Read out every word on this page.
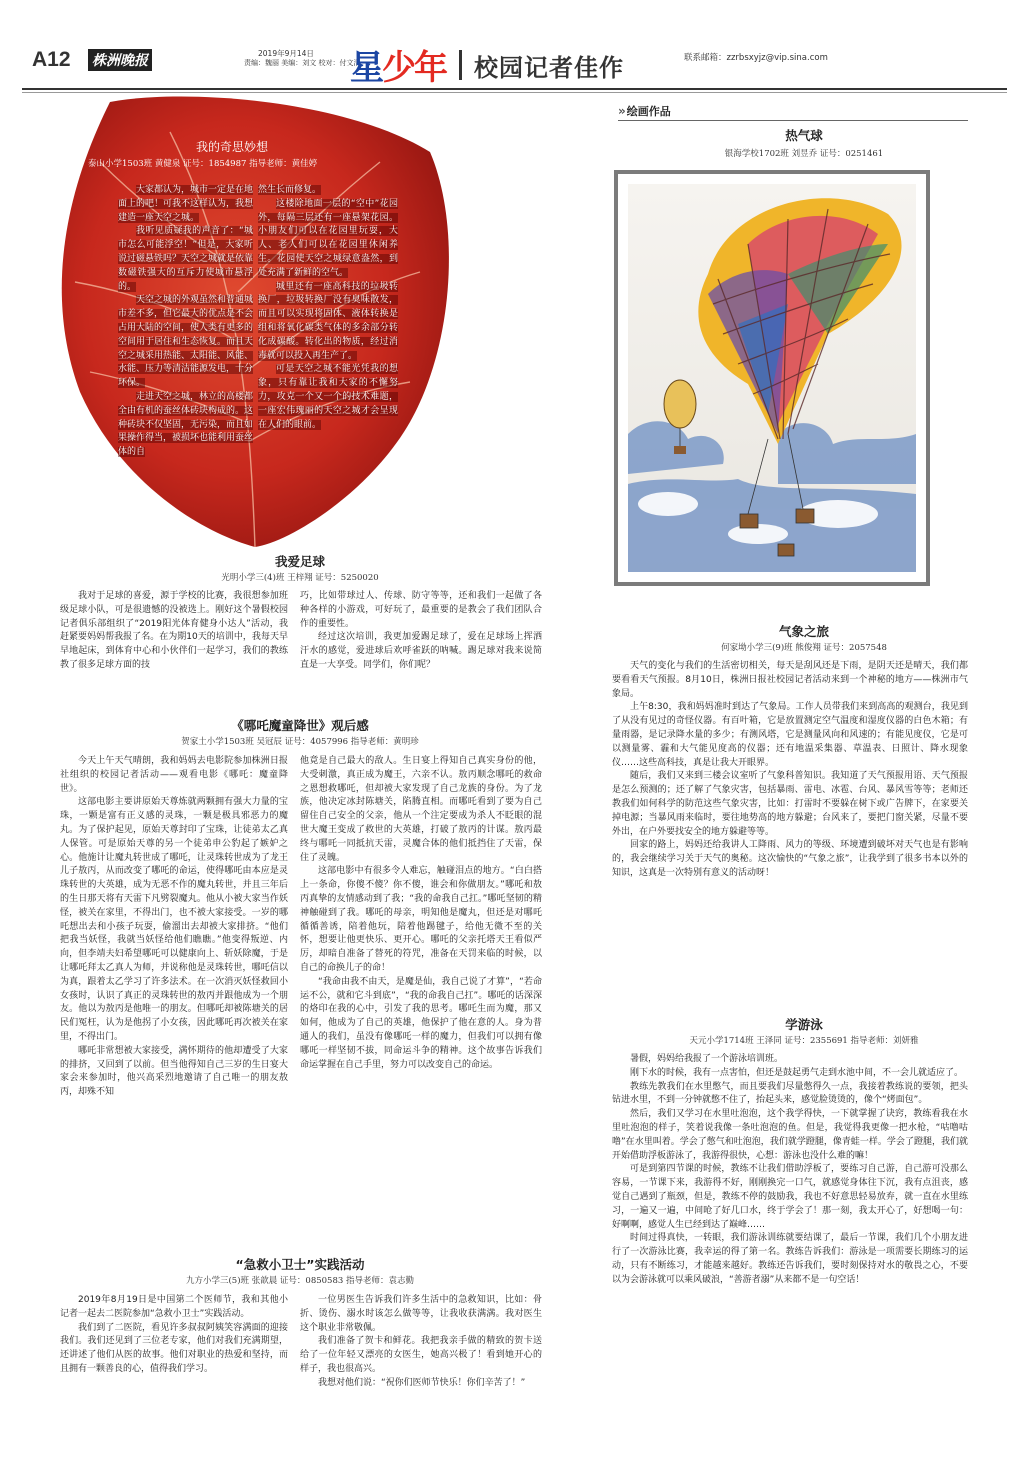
A12 株洲晚报	2019年9月14日
责编：魏丽 美编：刘文 校对：付文清
星少年 校园记者佳作	联系邮箱：zzrbsxyjz@vip.sina.com
我的奇思妙想
泰山小学1503班 黄健泉 证号：1854987 指导老师：黄佳婷

大家都认为，城市一定是在地面上的吧！可我不这样认为，我想建造一座天空之城。

我听见质疑我的声音了：“城市怎么可能浮空！”但是，大家听说过磁悬铁吗？天空之城就是依靠数磁铁强大的互斥力使城市悬浮的。

天空之城的外观虽然和普通城市差不多，但它最大的优点是不会占用大陆的空间，使人类有更多的空间用于居住和生态恢复。而且天空之城采用热能、太阳能、风能、水能、压力等清洁能源发电，十分环保。

走进天空之城，林立的高楼都全由有机的蚕丝体砖块构成的。这种砖块不仅坚固，无污染，而且如果操作得当，被损坏也能利用蚕丝体的自

然生长而修复。

这楼除地面一层的“空中”花园外，每隔三层还有一座悬架花园。小朋友们可以在花园里玩耍，大人、老人们可以在花园里休闲养生。花园使天空之城绿意盎然，到处充满了新鲜的空气。

城里还有一座高科技的垃圾转换厂，垃圾转换厂没有臭味散发，而且可以实现将固体、液体转换是组和将氧化碳类气体的多余部分转化成碳酸。转化出的物质，经过消毒就可以投入再生产了。

可是天空之城不能光凭我的想象，只有靠让我和大家的不懈努力，攻克一个又一个的技术难题，一座宏伟瑰丽的天空之城才会呈现在人们的眼前。

我爱足球
光明小学三(4)班 王梓翔 证号：5250020

我对于足球的喜爱，源于学校的比赛，我很想参加班级足球小队，可是很遗憾的没被选上。刚好这个暑假校园记者俱乐部组织了“2019阳光体育健身小达人”活动，我赶紧要妈妈帮我报了名。在为期10天的培训中，我每天早早地起床，到体育中心和小伙伴们一起学习，我们的教练教了很多足球方面的技

巧，比如带球过人、传球、防守等等，还和我们一起做了各种各样的小游戏，可好玩了，最重要的是教会了我们团队合作的重要性。

经过这次培训，我更加爱踢足球了，爱在足球场上挥洒汗水的感觉，爱进球后欢呼雀跃的呐喊。踢足球对我来说简直是一大享受。同学们，你们呢？

《哪吒魔童降世》观后感
贺家土小学1503班 吴冠辰 证号：4057996 指导老师：黄明珍

今天上午天气晴朗，我和妈妈去电影院参加株洲日报社组织的校园记者活动——观看电影《哪吒：魔童降世》。

这部电影主要讲原始天尊炼就两颗拥有强大力量的宝珠，一颗是富有正义感的灵珠，一颗是极具邪恶力的魔丸。为了保护起见，原始天尊封印了宝珠，让徒弟太乙真人保管。可是原始天尊的另一个徒弟申公豹起了嫉妒之心。他施计让魔丸转世成了哪吒，让灵珠转世成为了龙王儿子敖丙，从而改变了哪吒的命运，使得哪吒由本应是灵珠转世的大英雄，成为无恶不作的魔丸转世，并且三年后的生日那天将有天雷下凡劈裂魔丸。他从小被大家当作妖怪，被关在家里，不得出门，也不被大家接受。一岁的哪吒想出去和小孩子玩耍，偷溜出去却被大家排挤。“他们把我当妖怪，我就当妖怪给他们瞧瞧。”他变得叛逆、内向，但李靖夫妇希望哪吒可以健康向上、斩妖除魔，于是让哪吒拜太乙真人为师，并说称他是灵珠转世，哪吒信以为真，跟着太乙学习了许多法术。在一次消灭妖怪救回小女孩时，认识了真正的灵珠转世的敖丙并跟他成为一个朋友。他以为敖丙是他唯一的朋友。但哪吒却被陈塘关的居民们冤枉，认为是他拐了小女孩，因此哪吒再次被关在家里，不得出门。

哪吒非常想被大家接受，满怀期待的他却遭受了大家的排挤，又回到了以前。但当他得知自己三岁的生日宴大家会来参加时，他兴高采烈地邀请了自己唯一的朋友敖丙，却殊不知

他竟是自己最大的敌人。生日宴上得知自己真实身份的他，大受刺激，真正成为魔王，六亲不认。敖丙顺念哪吒的救命之恩想救哪吒，但却被大家发现了自己龙族的身份。为了龙族，他决定冰封陈塘关，陷腾直相。而哪吒看到了要为自己留住自己安全的父亲，他从一个注定要成为杀人不眨眼的混世大魔王变成了救世的大英雄，打破了敖丙的计谋。敖丙最终与哪吒一同抵抗天雷，灵魔合体的他们抵挡住了天雷，保住了灵魄。

这部电影中有很多令人难忘，触碰泪点的地方。“白白搭上一条命，你傻不傻？你不傻，谁会和你做朋友。”哪吒和敖丙真挚的友情感动到了我；“我的命我自己扛。”哪吒坚韧的精神触碰到了我。哪吒的母亲，明知他是魔丸，但还是对哪吒循循善诱，陪着他玩，陪着他踢毽子，给他无微不至的关怀，想要让他更快乐、更开心。哪吒的父亲托塔天王看似严厉，却暗自准备了替死的符咒，准备在天罚来临的时候，以自己的命换儿子的命！

“我命由我不由天，是魔是仙，我自己说了才算”，“若命运不公，就和它斗到底”，“我的命我自己扛”。哪吒的话深深的烙印在我的心中，引发了我的思考。哪吒生而为魔，那又如何，他成为了自己的英雄，他保护了他在意的人。身为普通人的我们，虽没有像哪吒一样的魔力，但我们可以拥有像哪吒一样坚韧不拔，同命运斗争的精神。这个故事告诉我们命运掌握在自己手里，努力可以改变自己的命运。

“急救小卫士”实践活动
九方小学三(5)班 张歆晨 证号：0850583 指导老师：袁志勤

2019年8月19日是中国第二个医师节，我和其他小记者一起去二医院参加“急救小卫士”实践活动。

我们到了二医院，看见许多叔叔阿姨笑容满面的迎接我们。我们还见到了三位老专家，他们对我们充满期望，还讲述了他们从医的故事。他们对职业的热爱和坚持，而且拥有一颗善良的心，值得我们学习。

一位男医生告诉我们许多生活中的急救知识，比如：骨折、烫伤、溺水时该怎么做等等，让我收获满满。我对医生这个职业非常敬佩。

我们准备了贺卡和鲜花。我把我亲手做的精致的贺卡送给了一位年轻又漂亮的女医生，她高兴极了！看到她开心的样子，我也很高兴。

我想对他们说：“祝你们医师节快乐！你们辛苦了！”

» 绘画作品
热气球
银海学校1702班 刘昱乔 证号：0251461
气象之旅
何家坳小学三(9)班 熊俊翔 证号：2057548

天气的变化与我们的生活密切相关，每天是刮风还是下雨，是阴天还是晴天，我们都要看看天气预报。8月10日，株洲日报社校园记者活动来到一个神秘的地方——株洲市气象局。

上午8:30，我和妈妈准时到达了气象局。工作人员带我们来到高高的观测台，我见到了从没有见过的奇怪仪器。有百叶箱，它是放置测定空气温度和湿度仪器的白色木箱；有量雨器，是记录降水量的多少；有测风塔，它是测量风向和风速的；有能见度仪，它是可以测量雾、霾和大气能见度高的仪器；还有地温采集器、草温表、日照计、降水现象仪……这些高科技，真是让我大开眼界。

随后，我们又来到三楼会议室听了气象科普知识。我知道了天气预报用语、天气预报是怎么预测的；还了解了气象灾害，包括暴雨、雷电、冰雹、台风、暴风雪等等；老师还教我们如何科学的防范这些气象灾害，比如：打雷时不要躲在树下或广告牌下，在家要关掉电源；当暴风雨来临时，要往地势高的地方躲避；台风来了，要把门窗关紧，尽量不要外出，在户外要找安全的地方躲避等等。

回家的路上，妈妈还给我讲人工降雨、风力的等级、环境遭到破坏对天气也是有影响的，我会继续学习关于天气的奥秘。这次愉快的“气象之旅”，让我学到了很多书本以外的知识，这真是一次特别有意义的活动呀！

学游泳
天元小学1714班 王泽同 证号：2355691 指导老师：刘妍雅

暑假，妈妈给我报了一个游泳培训班。

刚下水的时候，我有一点害怕，但还是鼓起勇气走到水池中间，不一会儿就适应了。

教练先教我们在水里憋气，而且要我们尽量憋得久一点，我接着教练说的要领，把头钻进水里，不到一分钟就憋不住了，抬起头来，感觉脸烫烫的，像个“烤面包”。

然后，我们又学习在水里吐泡泡，这个我学得快，一下就掌握了诀窍，教练看我在水里吐泡泡的样子，笑着说我像一条吐泡泡的鱼。但是，我觉得我更像一把水枪，“咕噜咕噜”在水里叫着。学会了憋气和吐泡泡，我们就学蹬腿，像青蛙一样。学会了蹬腿，我们就开始借助浮板游泳了，我游得很快，心想：游泳也没什么难的嘛！

可是到第四节课的时候，教练不让我们借助浮板了，要练习自己游，自己游可没那么容易，一节课下来，我游得不好，刚刚换完一口气，就感觉身体往下沉，我有点沮丧，感觉自己遇到了瓶颈，但是，教练不停的鼓励我，我也不好意思轻易放弃，就一直在水里练习，一遍又一遍，中间呛了好几口水，终于学会了！那一刻，我太开心了，好想喝一句：好啊啊，感觉人生已经到达了巅峰……

时间过得真快，一转眼，我们游泳训练就要结课了，最后一节课，我们几个小朋友进行了一次游泳比赛，我幸运的得了第一名。教练告诉我们：游泳是一项需要长期练习的运动，只有不断练习，才能越来越好。教练还告诉我们，要时刻保持对水的敬畏之心，不要以为会游泳就可以乘风破浪，“善游者溺”从来都不是一句空话！
